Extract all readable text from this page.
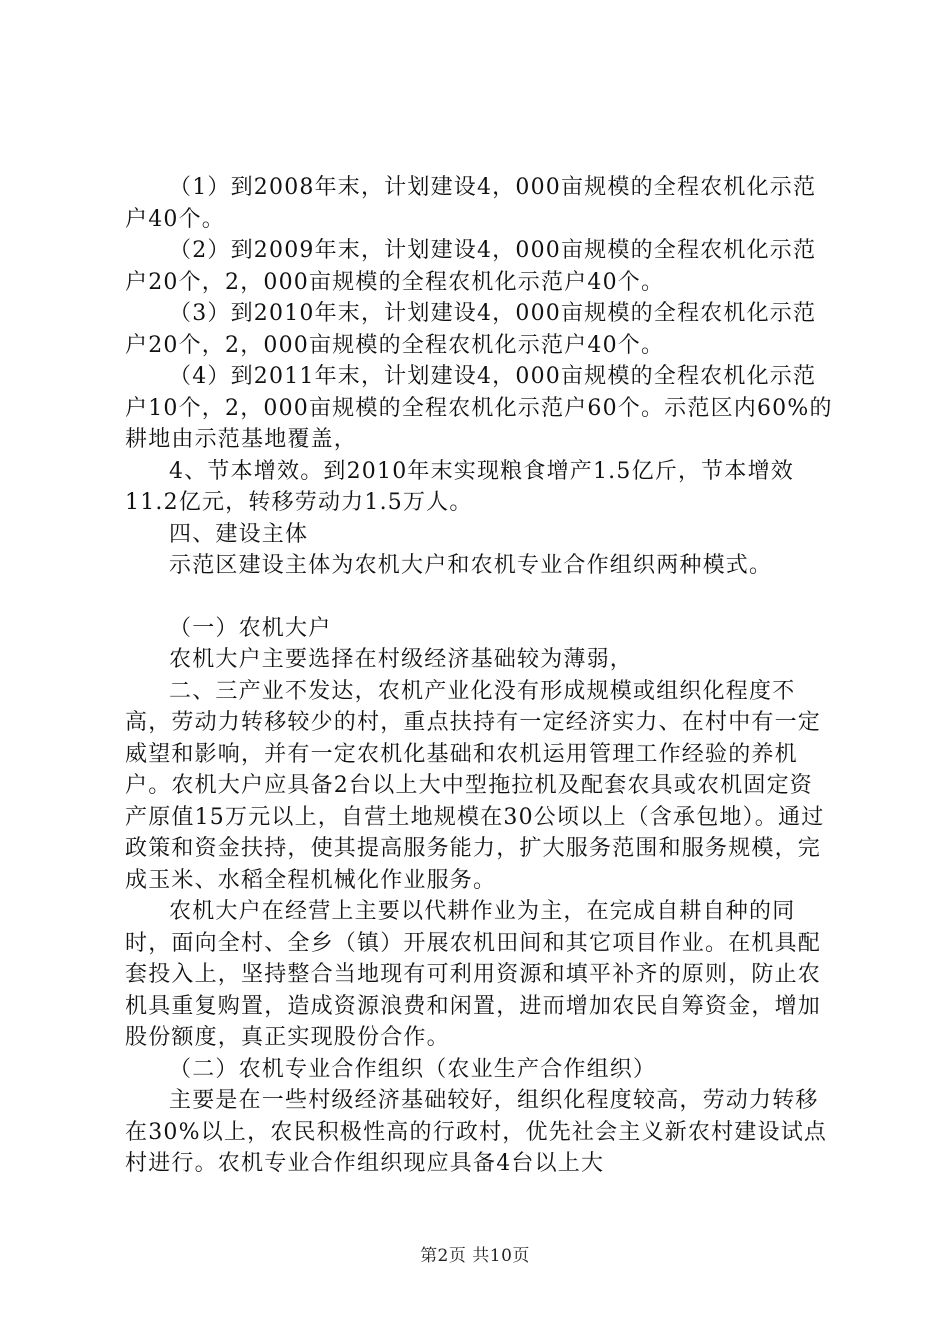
（1）到2008年末，计划建设4，000亩规模的全程农机化示范户40个。

（2）到2009年末，计划建设4，000亩规模的全程农机化示范户20个，2，000亩规模的全程农机化示范户40个。

（3）到2010年末，计划建设4，000亩规模的全程农机化示范户20个，2，000亩规模的全程农机化示范户40个。

（4）到2011年末，计划建设4，000亩规模的全程农机化示范户10个，2，000亩规模的全程农机化示范户60个。示范区内60%的耕地由示范基地覆盖，

4、节本增效。到2010年末实现粮食增产1.5亿斤，节本增效11.2亿元，转移劳动力1.5万人。

四、建设主体

示范区建设主体为农机大户和农机专业合作组织两种模式。

（一）农机大户

农机大户主要选择在村级经济基础较为薄弱，

二、三产业不发达，农机产业化没有形成规模或组织化程度不高，劳动力转移较少的村，重点扶持有一定经济实力、在村中有一定威望和影响，并有一定农机化基础和农机运用管理工作经验的养机户。农机大户应具备2台以上大中型拖拉机及配套农具或农机固定资产原值15万元以上，自营土地规模在30公顷以上（含承包地）。通过政策和资金扶持，使其提高服务能力，扩大服务范围和服务规模，完成玉米、水稻全程机械化作业服务。

农机大户在经营上主要以代耕作业为主，在完成自耕自种的同时，面向全村、全乡（镇）开展农机田间和其它项目作业。在机具配套投入上，坚持整合当地现有可利用资源和填平补齐的原则，防止农机具重复购置，造成资源浪费和闲置，进而增加农民自筹资金，增加股份额度，真正实现股份合作。

（二）农机专业合作组织（农业生产合作组织）

主要是在一些村级经济基础较好，组织化程度较高，劳动力转移在30%以上，农民积极性高的行政村，优先社会主义新农村建设试点村进行。农机专业合作组织现应具备4台以上大

第2页 共10页
